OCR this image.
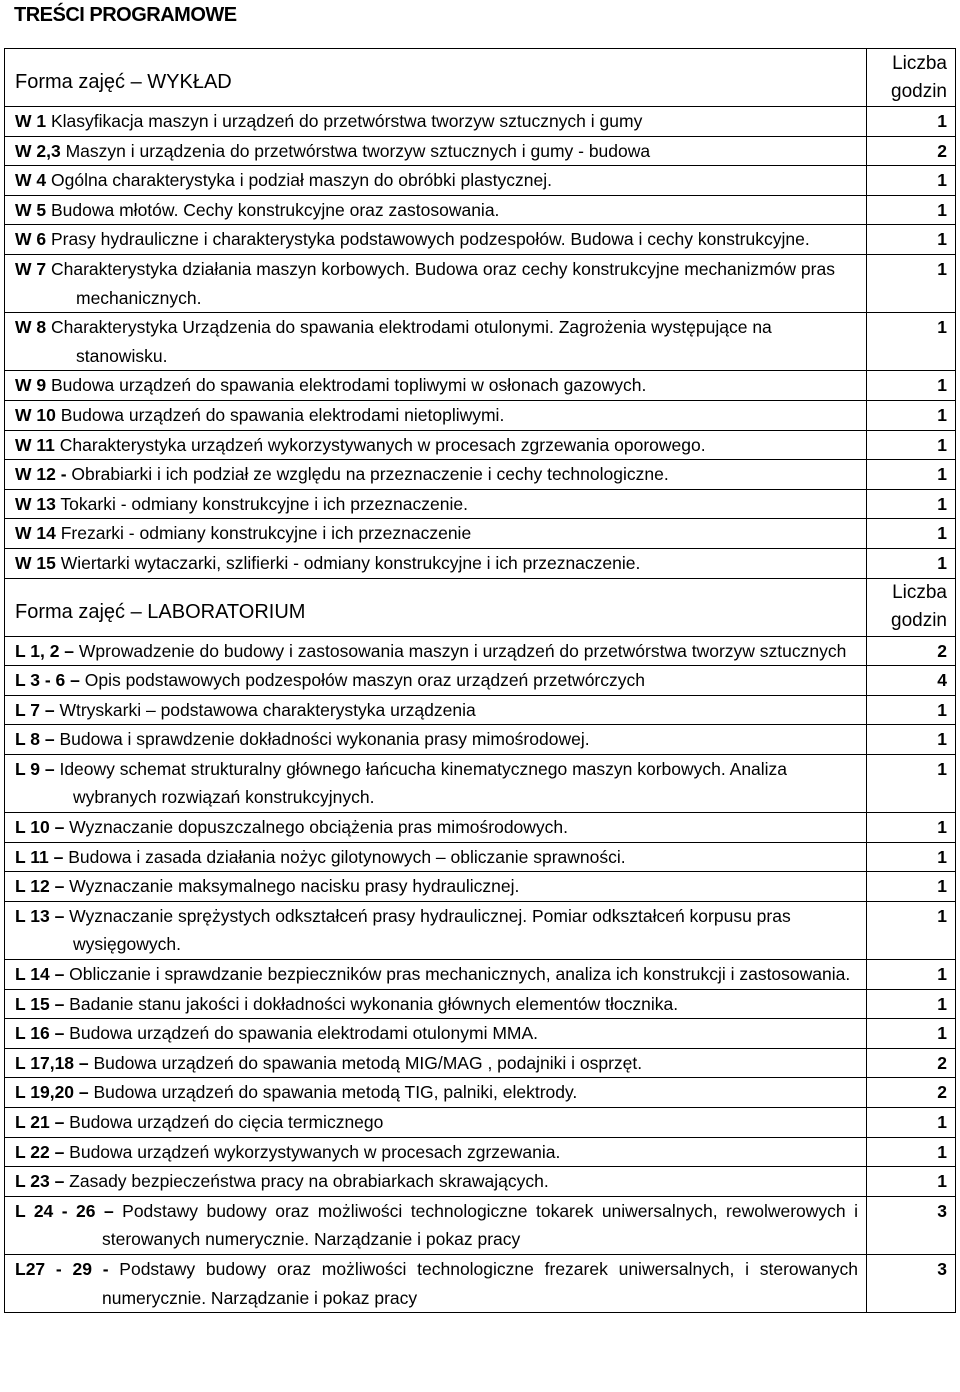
TREŚCI PROGRAMOWE
Forma zajęć – WYKŁAD	Liczba
godzin

W 1 Klasyfikacja maszyn i urządzeń do przetwórstwa tworzyw sztucznych i gumy	1

W 2,3 Maszyn i urządzenia do przetwórstwa tworzyw sztucznych i gumy - budowa	2

W 4 Ogólna charakterystyka i podział maszyn do obróbki plastycznej.	1

W 5 Budowa młotów. Cechy konstrukcyjne oraz zastosowania.	1

W 6 Prasy hydrauliczne i charakterystyka podstawowych podzespołów. Budowa i cechy konstrukcyjne.	1

W 7 Charakterystyka działania maszyn korbowych. Budowa oraz cechy konstrukcyjne mechanizmów pras mechanicznych.	1

W 8 Charakterystyka Urządzenia do spawania elektrodami otulonymi. Zagrożenia występujące na stanowisku.	1

W 9 Budowa urządzeń do spawania elektrodami topliwymi w osłonach gazowych.	1

W 10 Budowa urządzeń do spawania elektrodami nietopliwymi.	1

W 11 Charakterystyka urządzeń wykorzystywanych w procesach zgrzewania oporowego.	1

W 12 - Obrabiarki i ich podział ze względu na przeznaczenie i cechy technologiczne.	1

W 13 Tokarki - odmiany konstrukcyjne i ich przeznaczenie.	1

W 14 Frezarki - odmiany konstrukcyjne i ich przeznaczenie	1

W 15 Wiertarki wytaczarki, szlifierki - odmiany konstrukcyjne i ich przeznaczenie.	1
Forma zajęć – LABORATORIUM	Liczba
godzin

L 1, 2 – Wprowadzenie do budowy i zastosowania maszyn i urządzeń do przetwórstwa tworzyw sztucznych	2

L 3 - 6 – Opis podstawowych podzespołów maszyn oraz urządzeń przetwórczych	4

L 7 – Wtryskarki – podstawowa charakterystyka urządzenia	1

L 8 – Budowa i sprawdzenie dokładności wykonania prasy mimośrodowej.	1

L 9 – Ideowy schemat strukturalny głównego łańcucha kinematycznego maszyn korbowych. Analiza wybranych rozwiązań konstrukcyjnych.	1

L 10 – Wyznaczanie dopuszczalnego obciążenia pras mimośrodowych.	1

L 11 – Budowa i zasada działania nożyc gilotynowych – obliczanie sprawności.	1

L 12 – Wyznaczanie maksymalnego nacisku prasy hydraulicznej.	1

L 13 – Wyznaczanie sprężystych odkształceń prasy hydraulicznej. Pomiar odkształceń korpusu pras wysięgowych.	1

L 14 – Obliczanie i sprawdzanie bezpieczników pras mechanicznych, analiza ich konstrukcji i zastosowania.	1

L 15 – Badanie stanu jakości i dokładności wykonania głównych elementów tłocznika.	1

L 16 – Budowa urządzeń do spawania elektrodami otulonymi MMA.	1

L 17,18 – Budowa urządzeń do spawania metodą MIG/MAG , podajniki i osprzęt.	2

L 19,20 – Budowa urządzeń do spawania metodą TIG, palniki, elektrody.	2

L 21 – Budowa urządzeń do cięcia termicznego	1

L 22 – Budowa urządzeń wykorzystywanych w procesach zgrzewania.	1

L 23 – Zasady bezpieczeństwa pracy na obrabiarkach skrawających.	1

L 24 - 26 – Podstawy budowy oraz możliwości technologiczne tokarek uniwersalnych, rewolwerowych i sterowanych numerycznie. Narządzanie i pokaz pracy	3

L27 - 29 - Podstawy budowy oraz możliwości technologiczne frezarek uniwersalnych, i sterowanych numerycznie. Narządzanie i pokaz pracy	3
